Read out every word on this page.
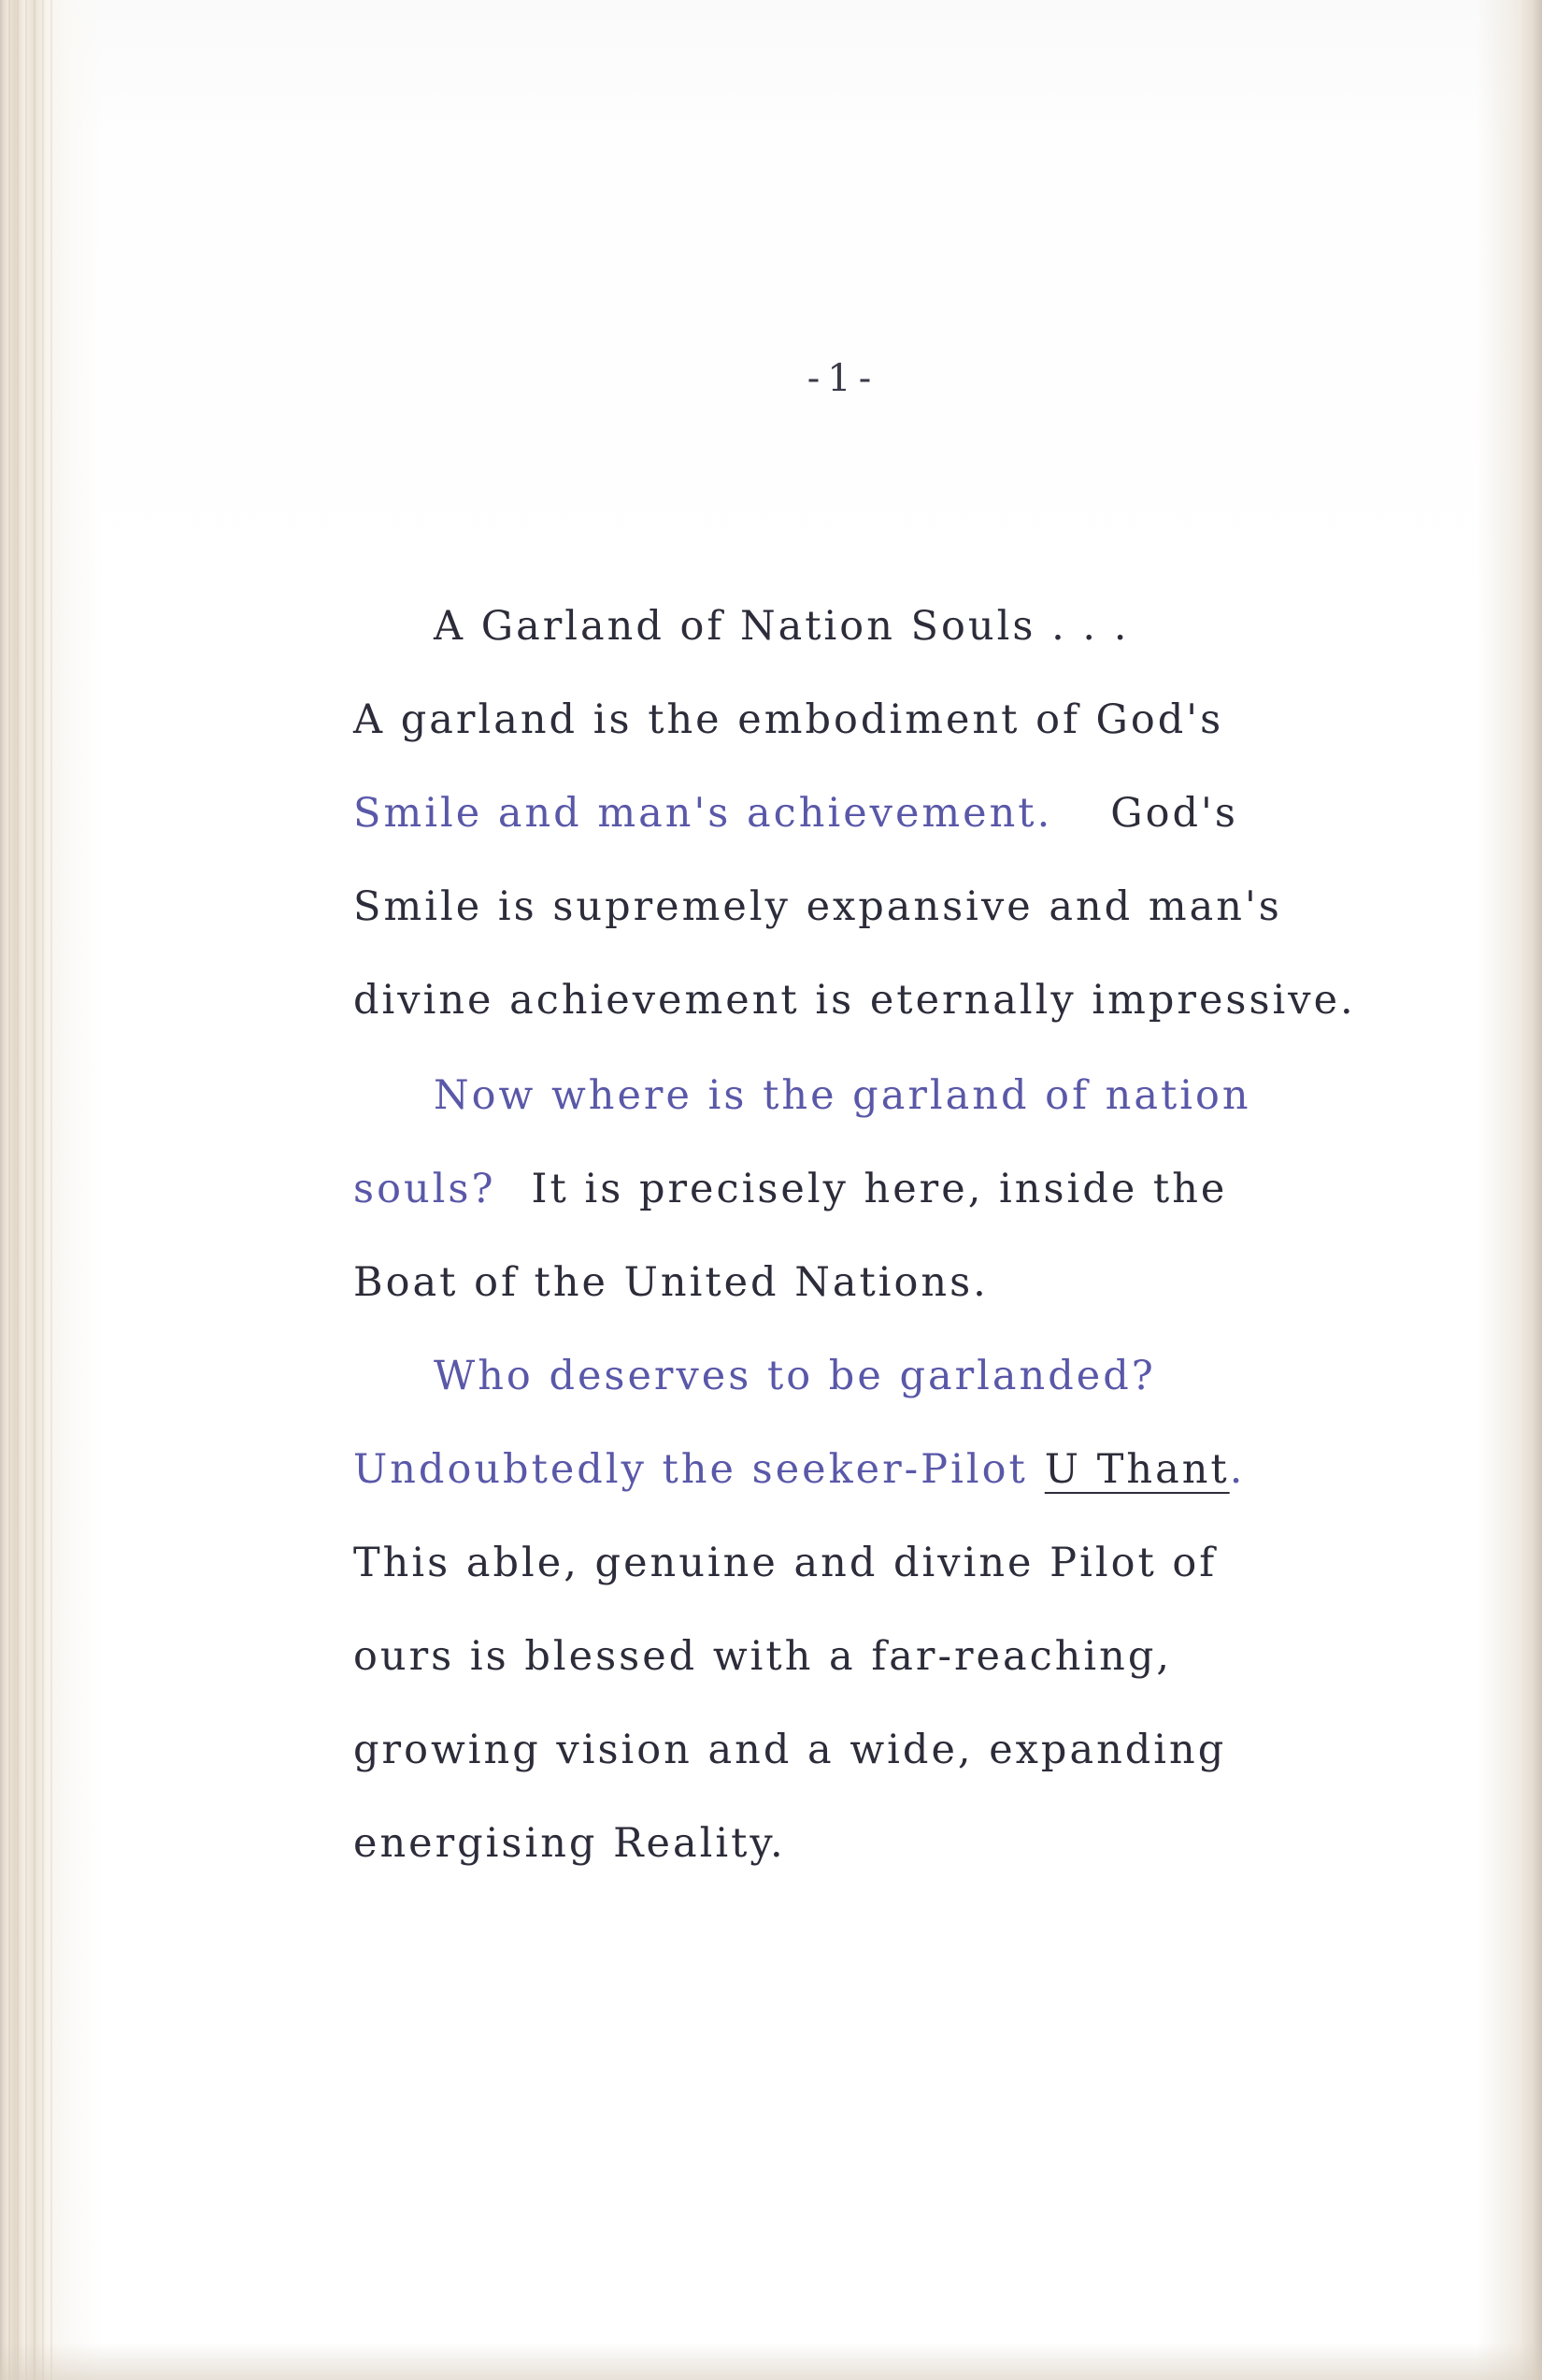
-1-
A Garland of Nation Souls . . .
A garland is the embodiment of God's
Smile and man's achievement. God's
Smile is supremely expansive and man's
divine achievement is eternally impressive.
Now where is the garland of nation
souls? It is precisely here, inside the
Boat of the United Nations.
Who deserves to be garlanded?
Undoubtedly the seeker-Pilot U Thant.
This able, genuine and divine Pilot of
ours is blessed with a far-reaching,
growing vision and a wide, expanding
energising Reality.
